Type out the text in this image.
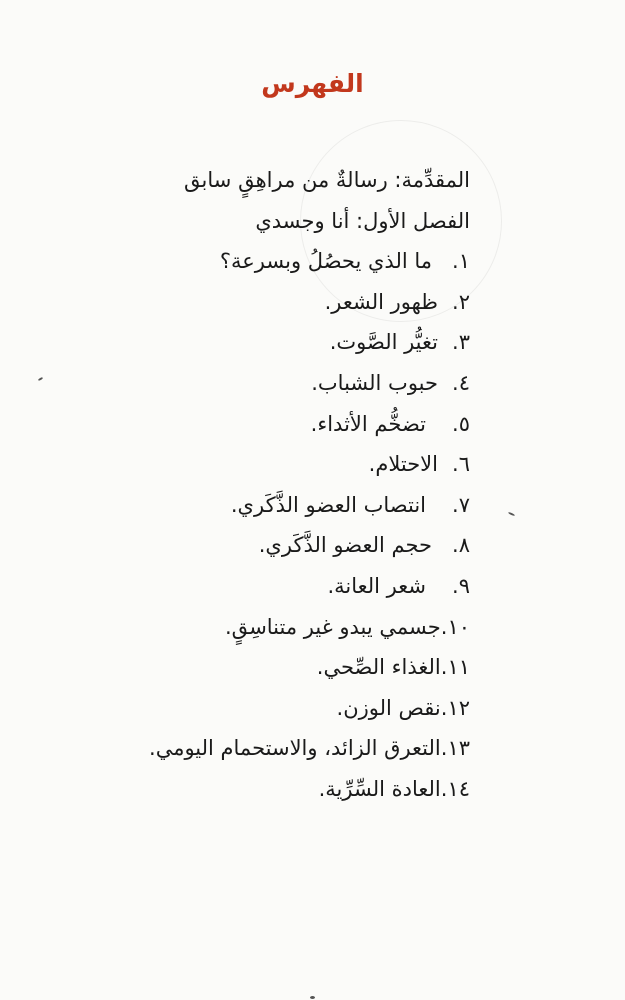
الفهرس
المقدِّمة: رسالةٌ من مراهِقٍ سابق
الفصل الأول: أنا وجسدي
١.ما الذي يحصُلُ وبسرعة؟
٢.ظهور الشعر.
٣.تغيُّر الصَّوت.
٤.حبوب الشباب.
٥.تضخُّم الأثداء.
٦.الاحتلام.
٧.انتصاب العضو الذَّكَري.
٨.حجم العضو الذَّكَري.
٩.شعر العانة.
١٠.جسمي يبدو غير متناسِقٍ.
١١.الغذاء الصِّحي.
١٢.نقص الوزن.
١٣.التعرق الزائد، والاستحمام اليومي.
١٤.العادة السِّرِّية.
